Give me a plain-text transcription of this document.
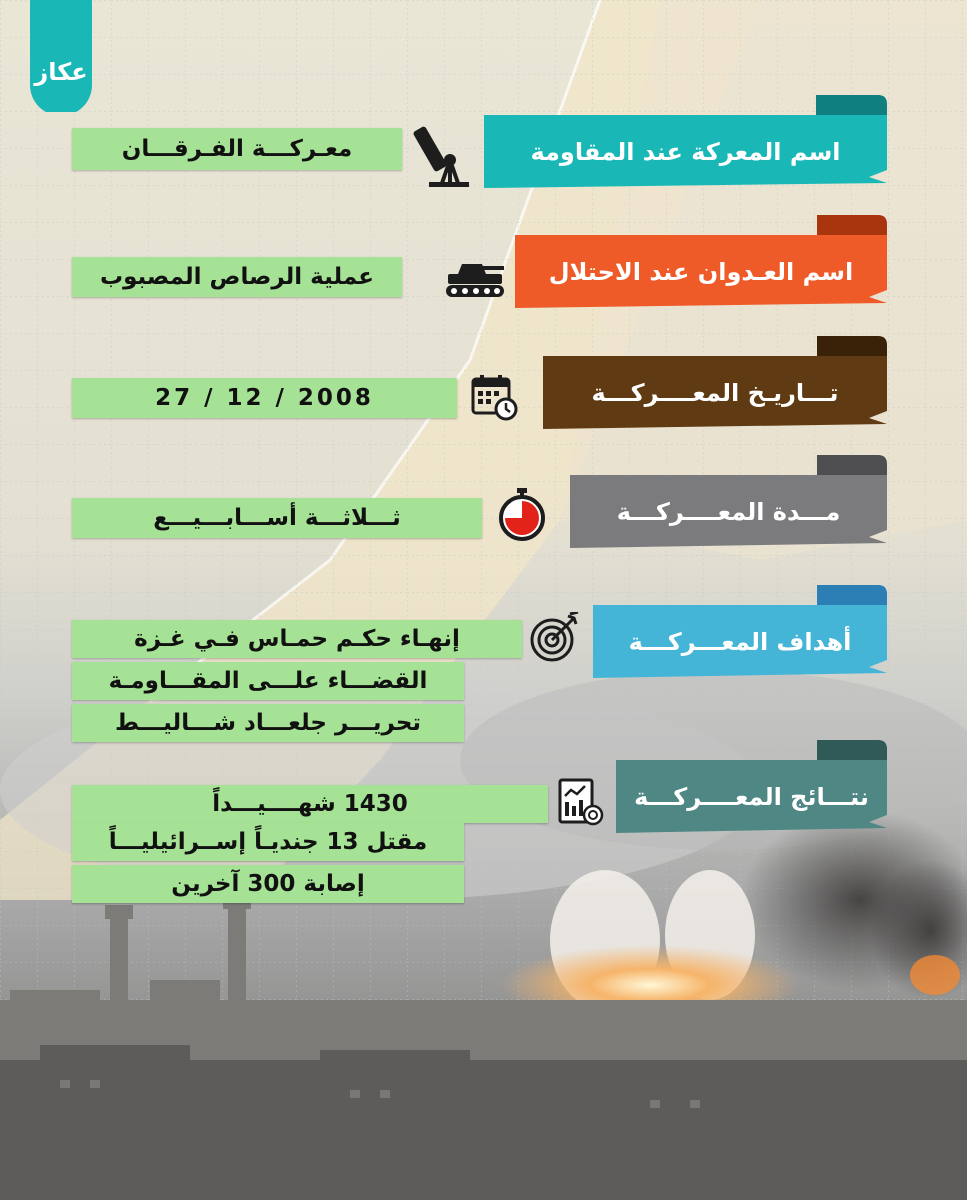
عكاز
اسم المعركة عند المقاومة
معـركـــة الفـرقـــان
اسم العـدوان عند الاحتلال
عملية الرصاص المصبوب
تـــاريـخ المعــــركـــة
27 / 12 / 2008
مـــدة المعــــركـــة
ثـــلاثـــة أســـابـــيـــع
أهداف المعـــركـــة
إنهـاء حكـم حمـاس فـي غـزة
القضـــاء علـــى المقـــاومـة
تحريـــر جلعـــاد شـــاليـــط
نتـــائج المعــــركـــة
1430 شهــــيـــداً
مقتل 13 جنديـاً إســرائيليـــاً
إصابة 300 آخرين
